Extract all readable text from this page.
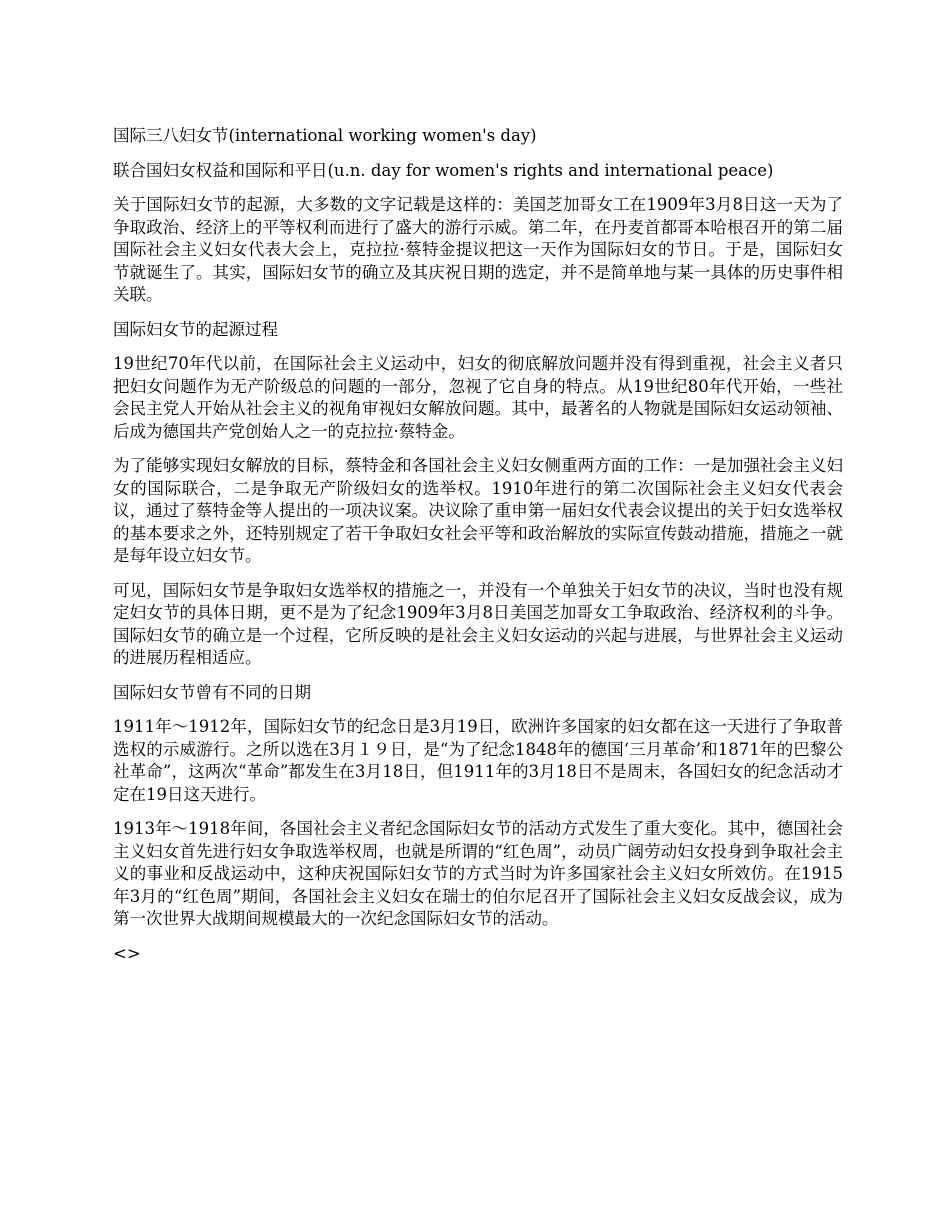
国际三八妇女节(international working women's day)

联合国妇女权益和国际和平日(u.n. day for women's rights and international peace)

关于国际妇女节的起源，大多数的文字记载是这样的：美国芝加哥女工在1909年3月8日这一天为了争取政治、经济上的平等权利而进行了盛大的游行示威。第二年，在丹麦首都哥本哈根召开的第二届国际社会主义妇女代表大会上，克拉拉·蔡特金提议把这一天作为国际妇女的节日。于是，国际妇女节就诞生了。其实，国际妇女节的确立及其庆祝日期的选定，并不是简单地与某一具体的历史事件相关联。

国际妇女节的起源过程

19世纪70年代以前，在国际社会主义运动中，妇女的彻底解放问题并没有得到重视，社会主义者只把妇女问题作为无产阶级总的问题的一部分，忽视了它自身的特点。从19世纪80年代开始，一些社会民主党人开始从社会主义的视角审视妇女解放问题。其中，最著名的人物就是国际妇女运动领袖、后成为德国共产党创始人之一的克拉拉·蔡特金。

为了能够实现妇女解放的目标，蔡特金和各国社会主义妇女侧重两方面的工作：一是加强社会主义妇女的国际联合，二是争取无产阶级妇女的选举权。1910年进行的第二次国际社会主义妇女代表会议，通过了蔡特金等人提出的一项决议案。决议除了重申第一届妇女代表会议提出的关于妇女选举权的基本要求之外，还特别规定了若干争取妇女社会平等和政治解放的实际宣传鼓动措施，措施之一就是每年设立妇女节。

可见，国际妇女节是争取妇女选举权的措施之一，并没有一个单独关于妇女节的决议，当时也没有规定妇女节的具体日期，更不是为了纪念1909年3月8日美国芝加哥女工争取政治、经济权利的斗争。国际妇女节的确立是一个过程，它所反映的是社会主义妇女运动的兴起与进展，与世界社会主义运动的进展历程相适应。

国际妇女节曾有不同的日期

1911年～1912年，国际妇女节的纪念日是3月19日，欧洲许多国家的妇女都在这一天进行了争取普选权的示威游行。之所以选在3月１９日，是“为了纪念1848年的德国‘三月革命’和1871年的巴黎公社革命”，这两次“革命”都发生在3月18日，但1911年的3月18日不是周末，各国妇女的纪念活动才定在19日这天进行。

1913年～1918年间，各国社会主义者纪念国际妇女节的活动方式发生了重大变化。其中，德国社会主义妇女首先进行妇女争取选举权周，也就是所谓的“红色周”，动员广阔劳动妇女投身到争取社会主义的事业和反战运动中，这种庆祝国际妇女节的方式当时为许多国家社会主义妇女所效仿。在1915年3月的“红色周”期间，各国社会主义妇女在瑞士的伯尔尼召开了国际社会主义妇女反战会议，成为第一次世界大战期间规模最大的一次纪念国际妇女节的活动。

<>
